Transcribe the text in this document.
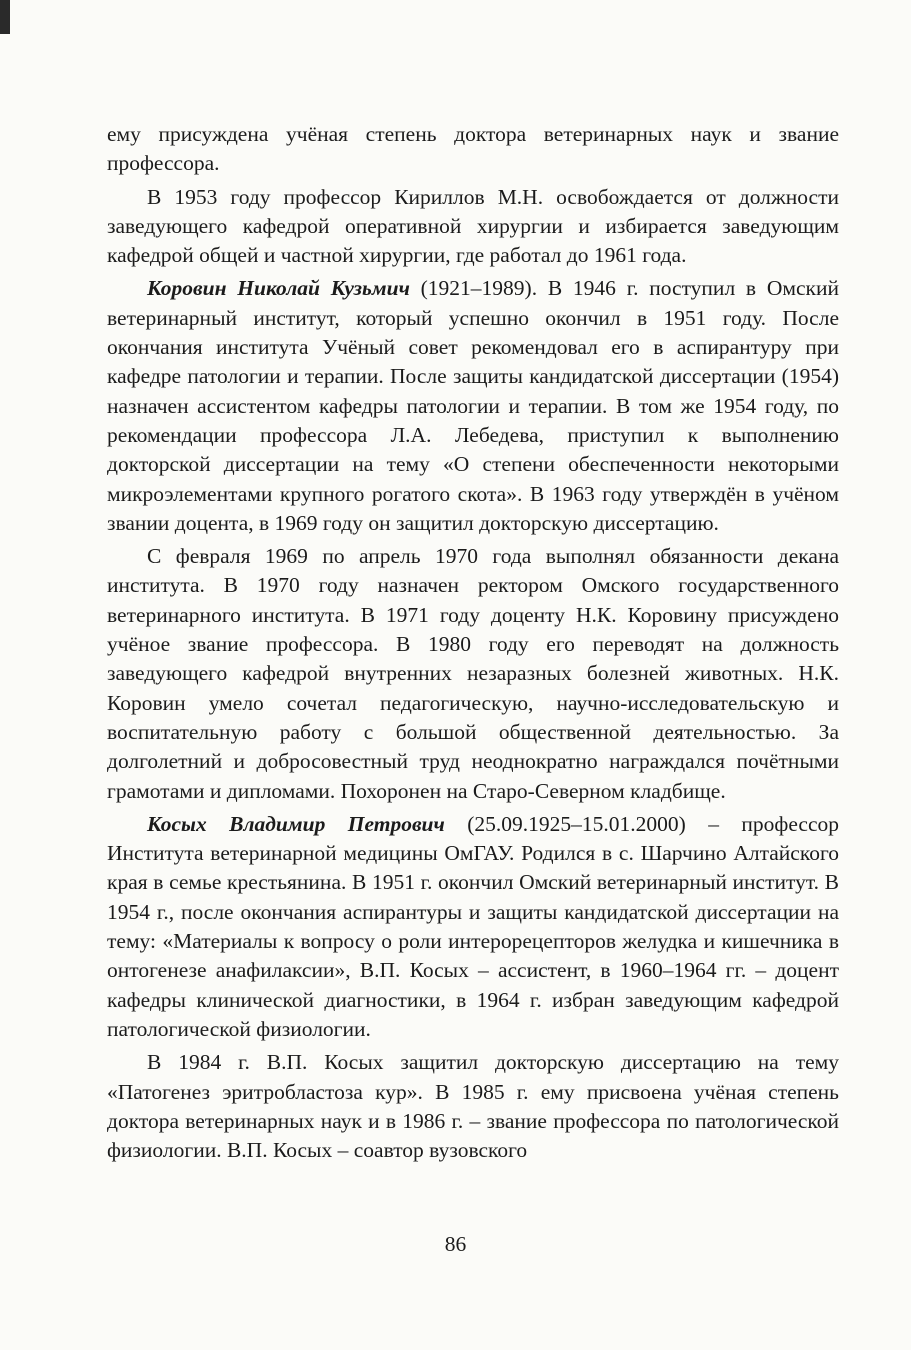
ему присуждена учёная степень доктора ветеринарных наук и звание профессора.

В 1953 году профессор Кириллов М.Н. освобождается от должности заведующего кафедрой оперативной хирургии и избирается заведующим кафедрой общей и частной хирургии, где работал до 1961 года.

Коровин Николай Кузьмич (1921–1989). В 1946 г. поступил в Омский ветеринарный институт, который успешно окончил в 1951 году. После окончания института Учёный совет рекомендовал его в аспирантуру при кафедре патологии и терапии. После защиты кандидатской диссертации (1954) назначен ассистентом кафедры патологии и терапии. В том же 1954 году, по рекомендации профессора Л.А. Лебедева, приступил к выполнению докторской диссертации на тему «О степени обеспеченности некоторыми микроэлементами крупного рогатого скота». В 1963 году утверждён в учёном звании доцента, в 1969 году он защитил докторскую диссертацию.

С февраля 1969 по апрель 1970 года выполнял обязанности декана института. В 1970 году назначен ректором Омского государственного ветеринарного института. В 1971 году доценту Н.К. Коровину присуждено учёное звание профессора. В 1980 году его переводят на должность заведующего кафедрой внутренних незаразных болезней животных. Н.К. Коровин умело сочетал педагогическую, научно-исследовательскую и воспитательную работу с большой общественной деятельностью. За долголетний и добросовестный труд неоднократно награждался почётными грамотами и дипломами. Похоронен на Старо-Северном кладбище.

Косых Владимир Петрович (25.09.1925–15.01.2000) – профессор Института ветеринарной медицины ОмГАУ. Родился в с. Шарчино Алтайского края в семье крестьянина. В 1951 г. окончил Омский ветеринарный институт. В 1954 г., после окончания аспирантуры и защиты кандидатской диссертации на тему: «Материалы к вопросу о роли интерорецепторов желудка и кишечника в онтогенезе анафилаксии», В.П. Косых – ассистент, в 1960–1964 гг. – доцент кафедры клинической диагностики, в 1964 г. избран заведующим кафедрой патологической физиологии.

В 1984 г. В.П. Косых защитил докторскую диссертацию на тему «Патогенез эритробластоза кур». В 1985 г. ему присвоена учёная степень доктора ветеринарных наук и в 1986 г. – звание профессора по патологической физиологии. В.П. Косых – соавтор вузовского

86
